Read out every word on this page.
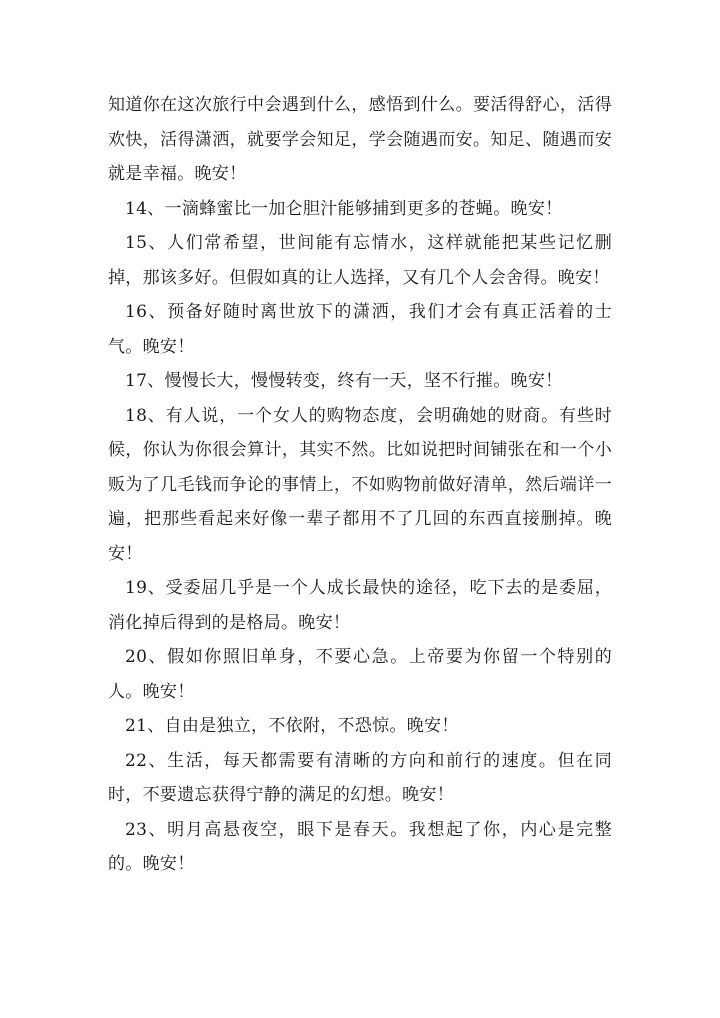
知道你在这次旅行中会遇到什么，感悟到什么。要活得舒心，活得欢快，活得潇洒，就要学会知足，学会随遇而安。知足、随遇而安就是幸福。晚安！

14、一滴蜂蜜比一加仑胆汁能够捕到更多的苍蝇。晚安！

15、人们常希望，世间能有忘情水，这样就能把某些记忆删掉，那该多好。但假如真的让人选择，又有几个人会舍得。晚安！

16、预备好随时离世放下的潇洒，我们才会有真正活着的士气。晚安！

17、慢慢长大，慢慢转变，终有一天，坚不行摧。晚安！

18、有人说，一个女人的购物态度，会明确她的财商。有些时候，你认为你很会算计，其实不然。比如说把时间铺张在和一个小贩为了几毛钱而争论的事情上，不如购物前做好清单，然后端详一遍，把那些看起来好像一辈子都用不了几回的东西直接删掉。晚安！

19、受委屈几乎是一个人成长最快的途径，吃下去的是委屈，消化掉后得到的是格局。晚安！

20、假如你照旧单身，不要心急。上帝要为你留一个特别的人。晚安！

21、自由是独立，不依附，不恐惊。晚安！

22、生活，每天都需要有清晰的方向和前行的速度。但在同时，不要遗忘获得宁静的满足的幻想。晚安！

23、明月高悬夜空，眼下是春天。我想起了你，内心是完整的。晚安！
